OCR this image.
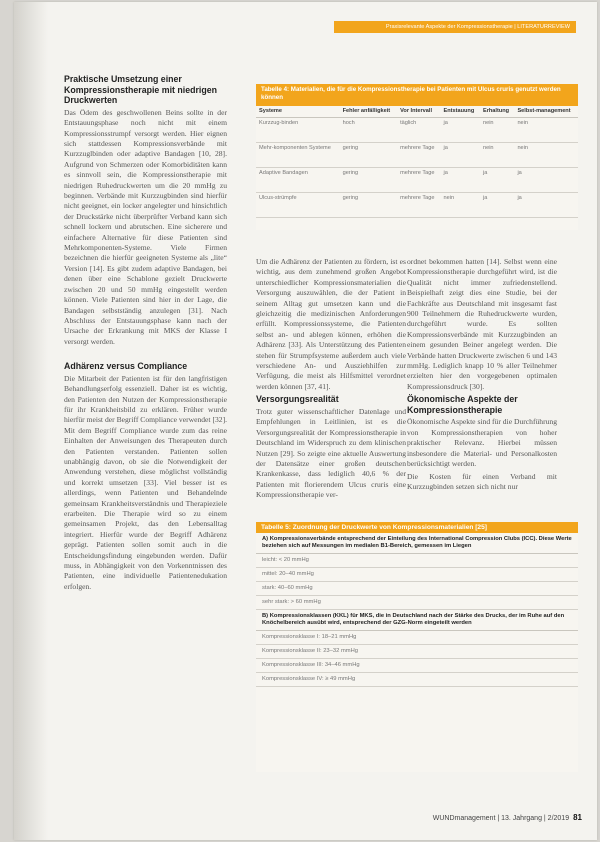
Praxisrelevante Aspekte der Kompressionstherapie | LITERATURREVIEW
Praktische Umsetzung einer Kompressionstherapie mit niedrigen Druckwerten

Das Ödem des geschwollenen Beins sollte in der Entstauungsphase noch nicht mit einem Kompressionsstrumpf versorgt werden. Hier eignen sich stattdessen Kompressionsverbände mit Kurzzuglbinden oder adaptive Bandagen [10, 28]. Aufgrund von Schmerzen oder Komorbiditäten kann es sinnvoll sein, die Kompressionstherapie mit niedrigen Ruhedruckwerten um die 20 mmHg zu beginnen. Verbände mit Kurzzugbinden sind hierfür nicht geeignet, ein locker angelegter und hinsichtlich der Druckstärke nicht überprüfter Verband kann sich schnell lockern und abrutschen. Eine sicherere und einfachere Alternative für diese Patienten sind Mehrkomponenten-Systeme. Viele Firmen bezeichnen die hierfür geeigneten Systeme als „lite“ Version [14]. Es gibt zudem adaptive Bandagen, bei denen über eine Schablone gezielt Druckwerte zwischen 20 und 50 mmHg eingestellt werden können. Viele Patienten sind hier in der Lage, die Bandagen selbstständig anzulegen [31]. Nach Abschluss der Entstauungsphase kann nach der Ursache der Erkrankung mit MKS der Klasse I versorgt werden.

Adhärenz versus Compliance

Die Mitarbeit der Patienten ist für den langfristigen Behandlungserfolg essenziell. Daher ist es wichtig, den Patienten den Nutzen der Kompressionstherapie für ihr Krankheitsbild zu erklären. Früher wurde hierfür meist der Begriff Compliance verwendet [32]. Mit dem Begriff Compliance wurde zum das reine Einhalten der Anweisungen des Therapeuten durch den Patienten verstanden. Patienten sollen unabhängig davon, ob sie die Notwendigkeit der Anwendung verstehen, diese möglichst vollständig und korrekt umsetzen [33]. Viel besser ist es allerdings, wenn Patienten und Behandelnde gemeinsam Krankheitsverständnis und Therapieziele erarbeiten. Die Therapie wird so zu einem gemeinsamen Projekt, das den Lebensalltag integriert. Hierfür wurde der Begriff Adhärenz geprägt. Patienten sollen somit auch in die Entscheidungsfindung eingebunden werden. Dafür muss, in Abhängigkeit von den Vorkenntnissen des Patienten, eine individuelle Patientenedukation erfolgen.

Tabelle 4: Materialien, die für die Kompressionstherapie bei Patienten mit Ulcus cruris genutzt werden können
Systeme	Fehler anfälligkeit	Vor Intervall	Entstauung	Erhaltung	Selbst-management
Kurzzug-binden	hoch	täglich	ja	nein	nein
Mehr-komponenten Systeme	gering	mehrere Tage	ja	nein	nein
Adaptive Bandagen	gering	mehrere Tage	ja	ja	ja
Ulcus-strümpfe	gering	mehrere Tage	nein	ja	ja

Um die Adhärenz der Patienten zu fördern, ist es wichtig, aus dem zunehmend großen Angebot unterschiedlicher Kompressionsmaterialien die Versorgung auszuwählen, die der Patient in seinem Alltag gut umsetzen kann und die gleichzeitig die medizinischen Anforderungen erfüllt. Kompressionssysteme, die Patienten selbst an- und ablegen können, erhöhen die Adhärenz [33]. Als Unterstützung des Patienten stehen für Strumpfsysteme außerdem auch viele verschiedene An- und Ausziehhilfen zur Verfügung, die meist als Hilfsmittel verordnet werden können [37, 41].

Versorgungsrealität

Trotz guter wissenschaftlicher Datenlage und Empfehlungen in Leitlinien, ist es die Versorgungsrealität der Kompressionstherapie in Deutschland im Widerspruch zu dem klinischen Nutzen [29]. So zeigte eine aktuelle Auswertung der Datensätze einer großen deutschen Krankenkasse, dass lediglich 40,6 % der Patienten mit florierendem Ulcus cruris eine Kompressionstherapie ver-

ordnet bekommen hatten [14]. Selbst wenn eine Kompressionstherapie durchgeführt wird, ist die Qualität nicht immer zufriedenstellend. Beispielhaft zeigt dies eine Studie, bei der Fachkräfte aus Deutschland mit insgesamt fast 900 Teilnehmern die Ruhedruckwerte wurden, durchgeführt wurde. Es sollten Kompressionsverbände mit Kurzzugbinden an einem gesunden Beiner angelegt werden. Die Verbände hatten Druckwerte zwischen 6 und 143 mmHg. Lediglich knapp 10 % aller Teilnehmer erzielten hier den vorgegebenen optimalen Kompressionsdruck [30].

Ökonomische Aspekte der Kompressionstherapie

Ökonomische Aspekte sind für die Durchführung von Kompressionstherapien von hoher praktischer Relevanz. Hierbei müssen insbesondere die Material- und Personalkosten berücksichtigt werden.

Die Kosten für einen Verband mit Kurzzugbinden setzen sich nicht nur

Tabelle 5: Zuordnung der Druckwerte von Kompressionsmaterialien [25]
A) Kompressionsverbände entsprechend der Einteilung des International Compression Clubs (ICC). Diese Werte beziehen sich auf Messungen im medialen B1-Bereich, gemessen im Liegen
leicht: < 20 mmHg
mittel: 20–40 mmHg
stark: 40–60 mmHg
sehr stark: > 60 mmHg
B) Kompressionsklassen (KKL) für MKS, die in Deutschland nach der Stärke des Drucks, der im Ruhe auf den Knöchelbereich ausübt wird, entsprechend der GZG-Norm eingeteilt werden
Kompressionsklasse I: 18–21 mmHg
Kompressionsklasse II: 23–32 mmHg
Kompressionsklasse III: 34–46 mmHg
Kompressionsklasse IV: ≥ 49 mmHg
WUNDmanagement | 13. Jahrgang | 2/2019 81
